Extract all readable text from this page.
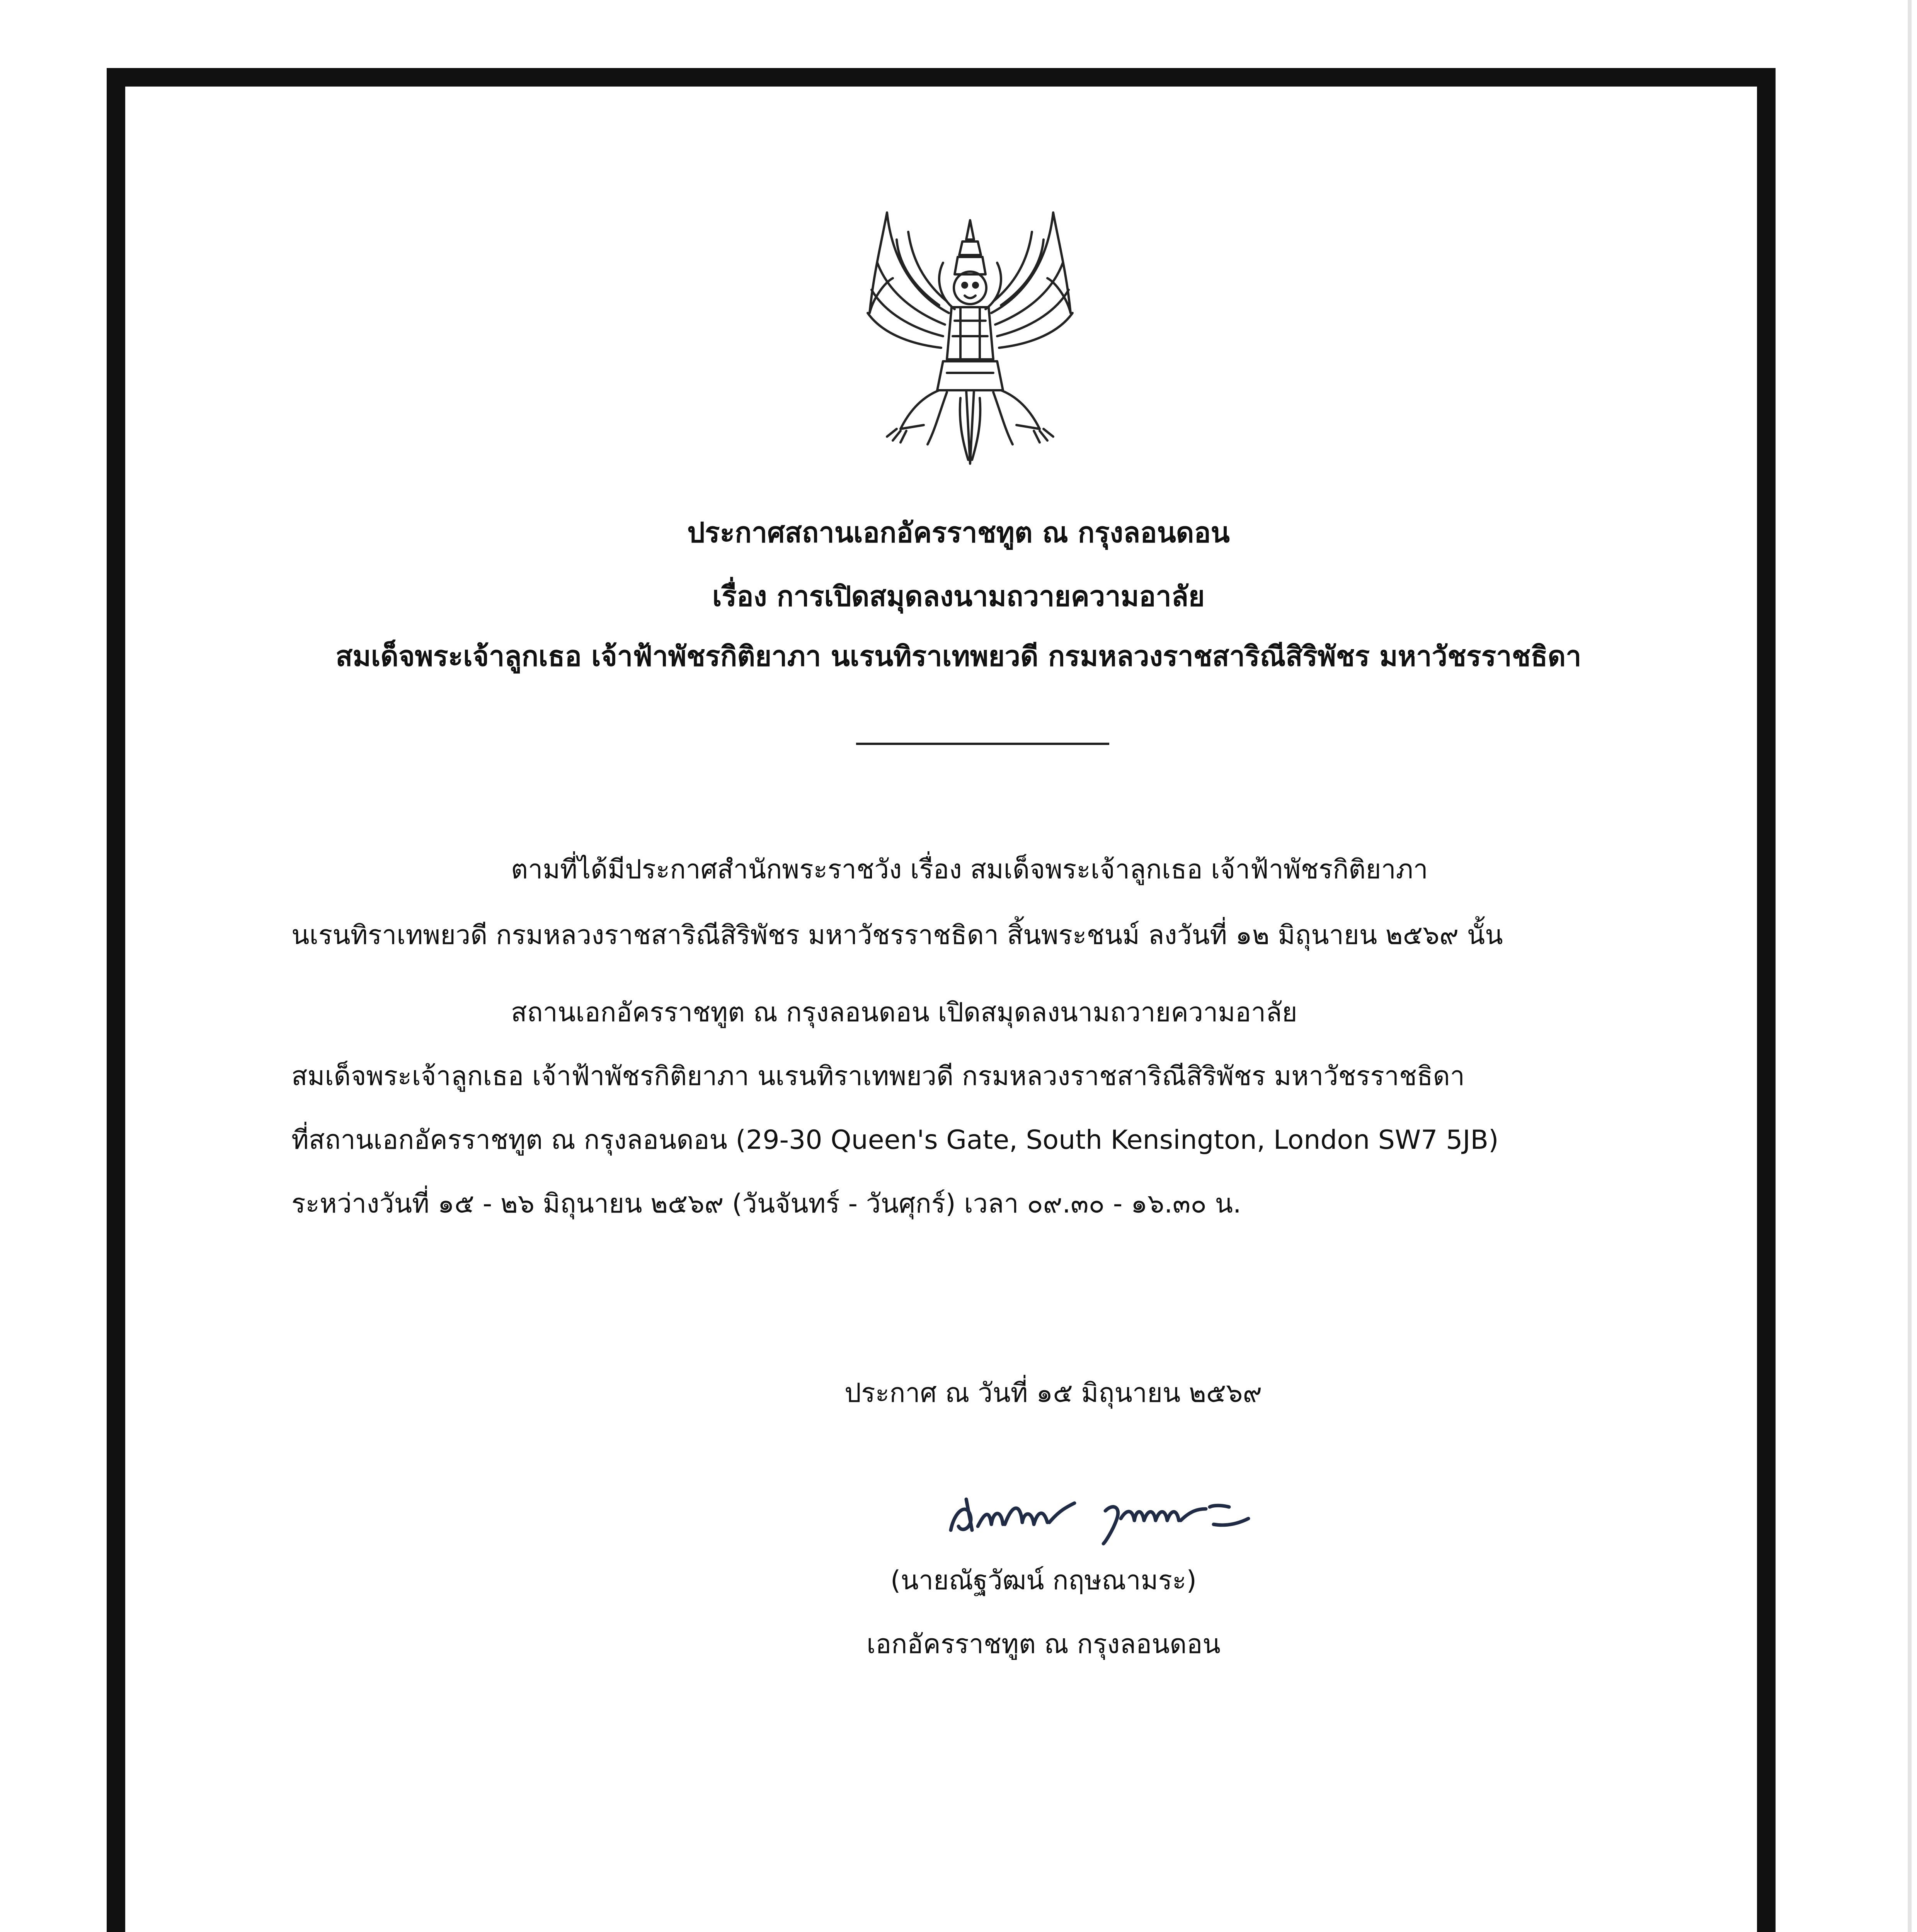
ประกาศสถานเอกอัครราชทูต ณ กรุงลอนดอน
เรื่อง การเปิดสมุดลงนามถวายความอาลัย
สมเด็จพระเจ้าลูกเธอ เจ้าฟ้าพัชรกิติยาภา นเรนทิราเทพยวดี กรมหลวงราชสาริณีสิริพัชร มหาวัชรราชธิดา
ตามที่ได้มีประกาศสำนักพระราชวัง เรื่อง สมเด็จพระเจ้าลูกเธอ เจ้าฟ้าพัชรกิติยาภา
นเรนทิราเทพยวดี กรมหลวงราชสาริณีสิริพัชร มหาวัชรราชธิดา สิ้นพระชนม์ ลงวันที่ ๑๒ มิถุนายน ๒๕๖๙ นั้น
สถานเอกอัครราชทูต ณ กรุงลอนดอน เปิดสมุดลงนามถวายความอาลัย
สมเด็จพระเจ้าลูกเธอ เจ้าฟ้าพัชรกิติยาภา นเรนทิราเทพยวดี กรมหลวงราชสาริณีสิริพัชร มหาวัชรราชธิดา
ที่สถานเอกอัครราชทูต ณ กรุงลอนดอน (29-30 Queen's Gate, South Kensington, London SW7 5JB)
ระหว่างวันที่ ๑๕ - ๒๖ มิถุนายน ๒๕๖๙ (วันจันทร์ - วันศุกร์) เวลา ๐๙.๓๐ - ๑๖.๓๐ น.
ประกาศ ณ วันที่ ๑๕ มิถุนายน ๒๕๖๙
(นายณัฐวัฒน์ กฤษณามระ)
เอกอัครราชทูต ณ กรุงลอนดอน
